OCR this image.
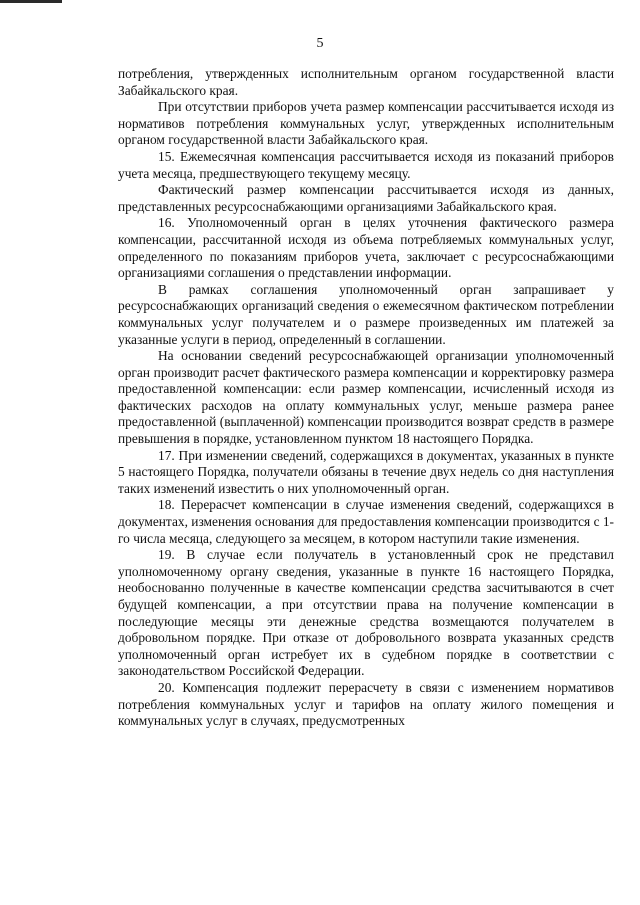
5

потребления, утвержденных исполнительным органом государственной власти Забайкальского края.

При отсутствии приборов учета размер компенсации рассчитывается исходя из нормативов потребления коммунальных услуг, утвержденных исполнительным органом государственной власти Забайкальского края.

15. Ежемесячная компенсация рассчитывается исходя из показаний приборов учета месяца, предшествующего текущему месяцу.

Фактический размер компенсации рассчитывается исходя из данных, представленных ресурсоснабжающими организациями Забайкальского края.

16. Уполномоченный орган в целях уточнения фактического размера компенсации, рассчитанной исходя из объема потребляемых коммунальных услуг, определенного по показаниям приборов учета, заключает с ресурсоснабжающими организациями соглашения о представлении информации.

В рамках соглашения уполномоченный орган запрашивает у ресурсоснабжающих организаций сведения о ежемесячном фактическом потреблении коммунальных услуг получателем и о размере произведенных им платежей за указанные услуги в период, определенный в соглашении.

На основании сведений ресурсоснабжающей организации уполномоченный орган производит расчет фактического размера компенсации и корректировку размера предоставленной компенсации: если размер компенсации, исчисленный исходя из фактических расходов на оплату коммунальных услуг, меньше размера ранее предоставленной (выплаченной) компенсации производится возврат средств в размере превышения в порядке, установленном пунктом 18 настоящего Порядка.

17. При изменении сведений, содержащихся в документах, указанных в пункте 5 настоящего Порядка, получатели обязаны в течение двух недель со дня наступления таких изменений известить о них уполномоченный орган.

18. Перерасчет компенсации в случае изменения сведений, содержащихся в документах, изменения основания для предоставления компенсации производится с 1-го числа месяца, следующего за месяцем, в котором наступили такие изменения.

19. В случае если получатель в установленный срок не представил уполномоченному органу сведения, указанные в пункте 16 настоящего Порядка, необоснованно полученные в качестве компенсации средства засчитываются в счет будущей компенсации, а при отсутствии права на получение компенсации в последующие месяцы эти денежные средства возмещаются получателем в добровольном порядке. При отказе от добровольного возврата указанных средств уполномоченный орган истребует их в судебном порядке в соответствии с законодательством Российской Федерации.

20. Компенсация подлежит перерасчету в связи с изменением нормативов потребления коммунальных услуг и тарифов на оплату жилого помещения и коммунальных услуг в случаях, предусмотренных
